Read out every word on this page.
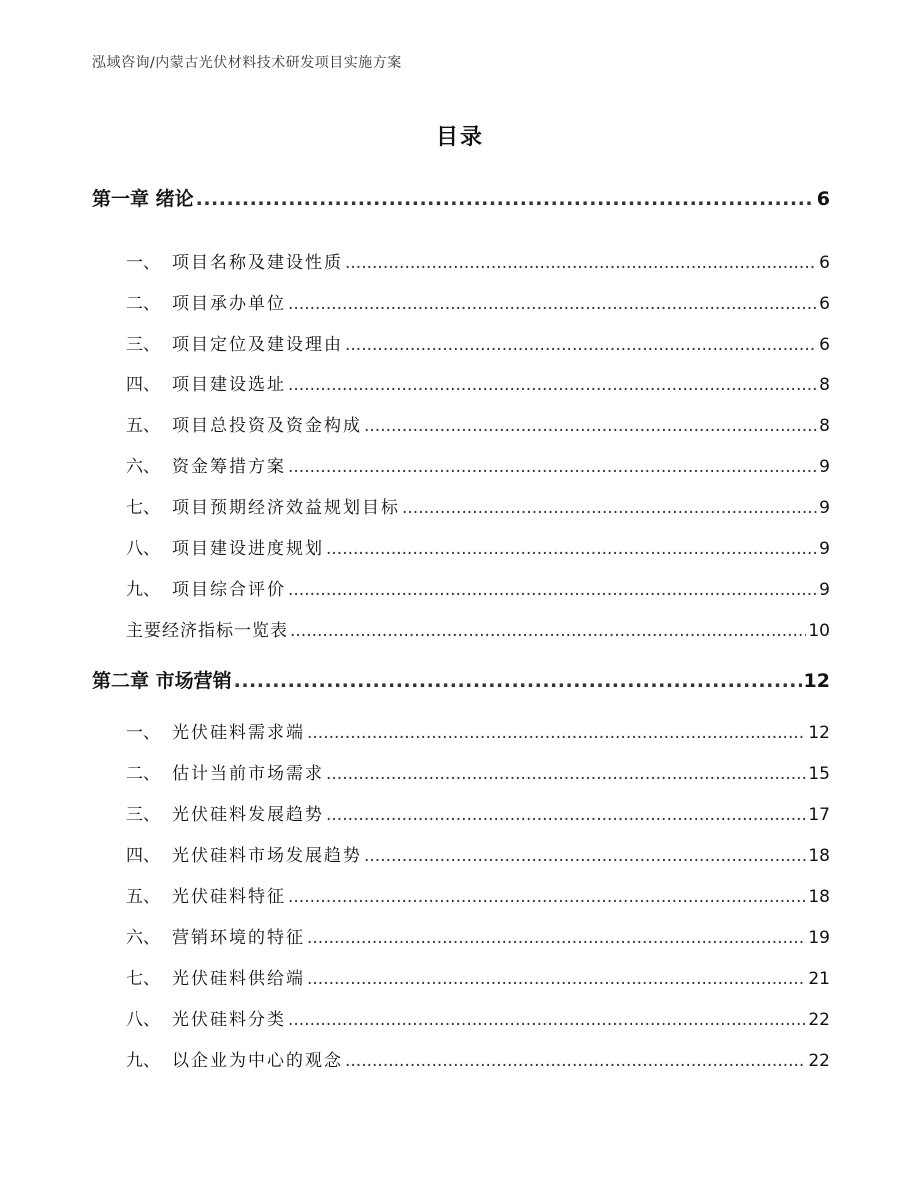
泓域咨询/内蒙古光伏材料技术研发项目实施方案
目录
第一章 绪论 .....	6
一、 项目名称及建设性质 .....	6
二、 项目承办单位 .....	6
三、 项目定位及建设理由 .....	6
四、 项目建设选址 .....	8
五、 项目总投资及资金构成 .....	8
六、 资金筹措方案 .....	9
七、 项目预期经济效益规划目标 .....	9
八、 项目建设进度规划 .....	9
九、 项目综合评价 .....	9
主要经济指标一览表 .....	10
第二章 市场营销 .....	12
一、 光伏硅料需求端 .....	12
二、 估计当前市场需求 .....	15
三、 光伏硅料发展趋势 .....	17
四、 光伏硅料市场发展趋势 .....	18
五、 光伏硅料特征 .....	18
六、 营销环境的特征 .....	19
七、 光伏硅料供给端 .....	21
八、 光伏硅料分类 .....	22
九、 以企业为中心的观念 .....	22
